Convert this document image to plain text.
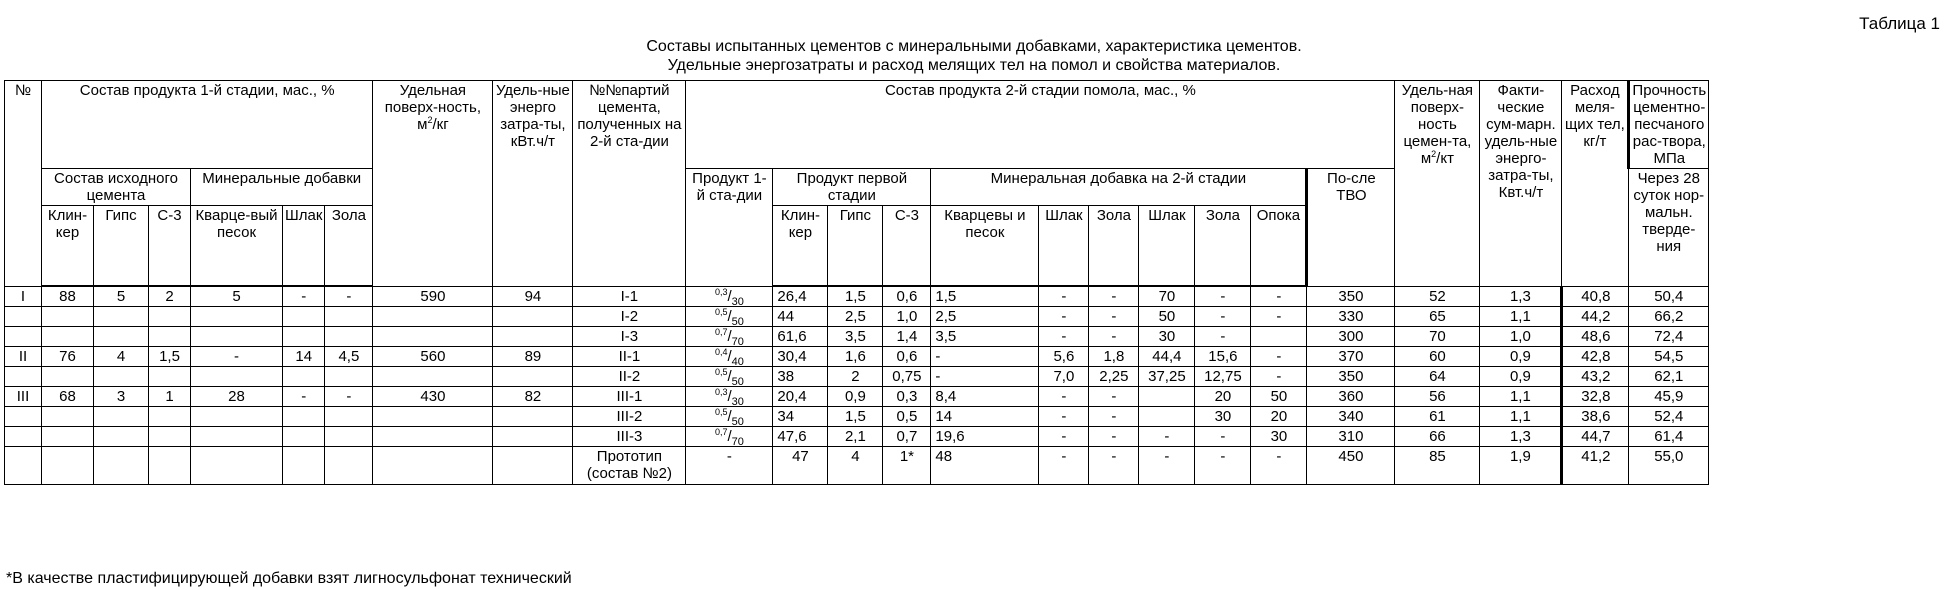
Таблица 1
Составы испытанных цементов с минеральными добавками, характеристика цементов.
Удельные энергозатраты и расход мелящих тел на помол и свойства материалов.
№	Состав продукта 1-й стадии, мас., %	Удельная поверх-ность, м2/кг	Удель-ные энерго затра-ты, кВт.ч/т	№№партий цемента, полученных на 2-й ста-дии	Состав продукта 2-й стадии помола, мас., %	Удель-ная поверх-ность цемен-та, м2/кт	Факти-ческие сум-марн. удель-ные энерго-затра-ты, Квт.ч/т	Расход меля-щих тел, кг/т	Прочность цементно-песчаного рас-твора, МПа
Состав исходного цемента	Минеральные добавки	Продукт 1-й ста-дии	Продукт первой стадии	Минеральная добавка на 2-й стадии	По-сле ТВО	Через 28 суток нор-мальн. тверде-ния
Клин-кер	Гипс	С-3	Кварце-вый песок	Шлак	Зола	Клин-кер	Гипс	С-3	Кварцевы и песок	Шлак	Зола	Шлак	Зола	Опока

I	88	5	2	5	-	-	590	94	I-1	0,3/30	26,4	1,5	0,6	1,5	-	-	70	-	-	350	52	1,3	40,8	50,4
									I-2	0,5/50	44	2,5	1,0	2,5	-	-	50	-	-	330	65	1,1	44,2	66,2
									I-3	0,7/70	61,6	3,5	1,4	3,5	-	-	30	-		300	70	1,0	48,6	72,4
II	76	4	1,5	-	14	4,5	560	89	II-1	0,4/40	30,4	1,6	0,6	-	5,6	1,8	44,4	15,6	-	370	60	0,9	42,8	54,5
									II-2	0,5/50	38	2	0,75	-	7,0	2,25	37,25	12,75	-	350	64	0,9	43,2	62,1
III	68	3	1	28	-	-	430	82	III-1	0,3/30	20,4	0,9	0,3	8,4	-	-		20	50	360	56	1,1	32,8	45,9
									III-2	0,5/50	34	1,5	0,5	14	-	-		30	20	340	61	1,1	38,6	52,4
									III-3	0,7/70	47,6	2,1	0,7	19,6	-	-	-	-	30	310	66	1,3	44,7	61,4
									Прототип (состав №2)	-	47	4	1*	48	-	-	-	-	-	450	85	1,9	41,2	55,0
*В качестве пластифицирующей добавки взят лигносульфонат технический
